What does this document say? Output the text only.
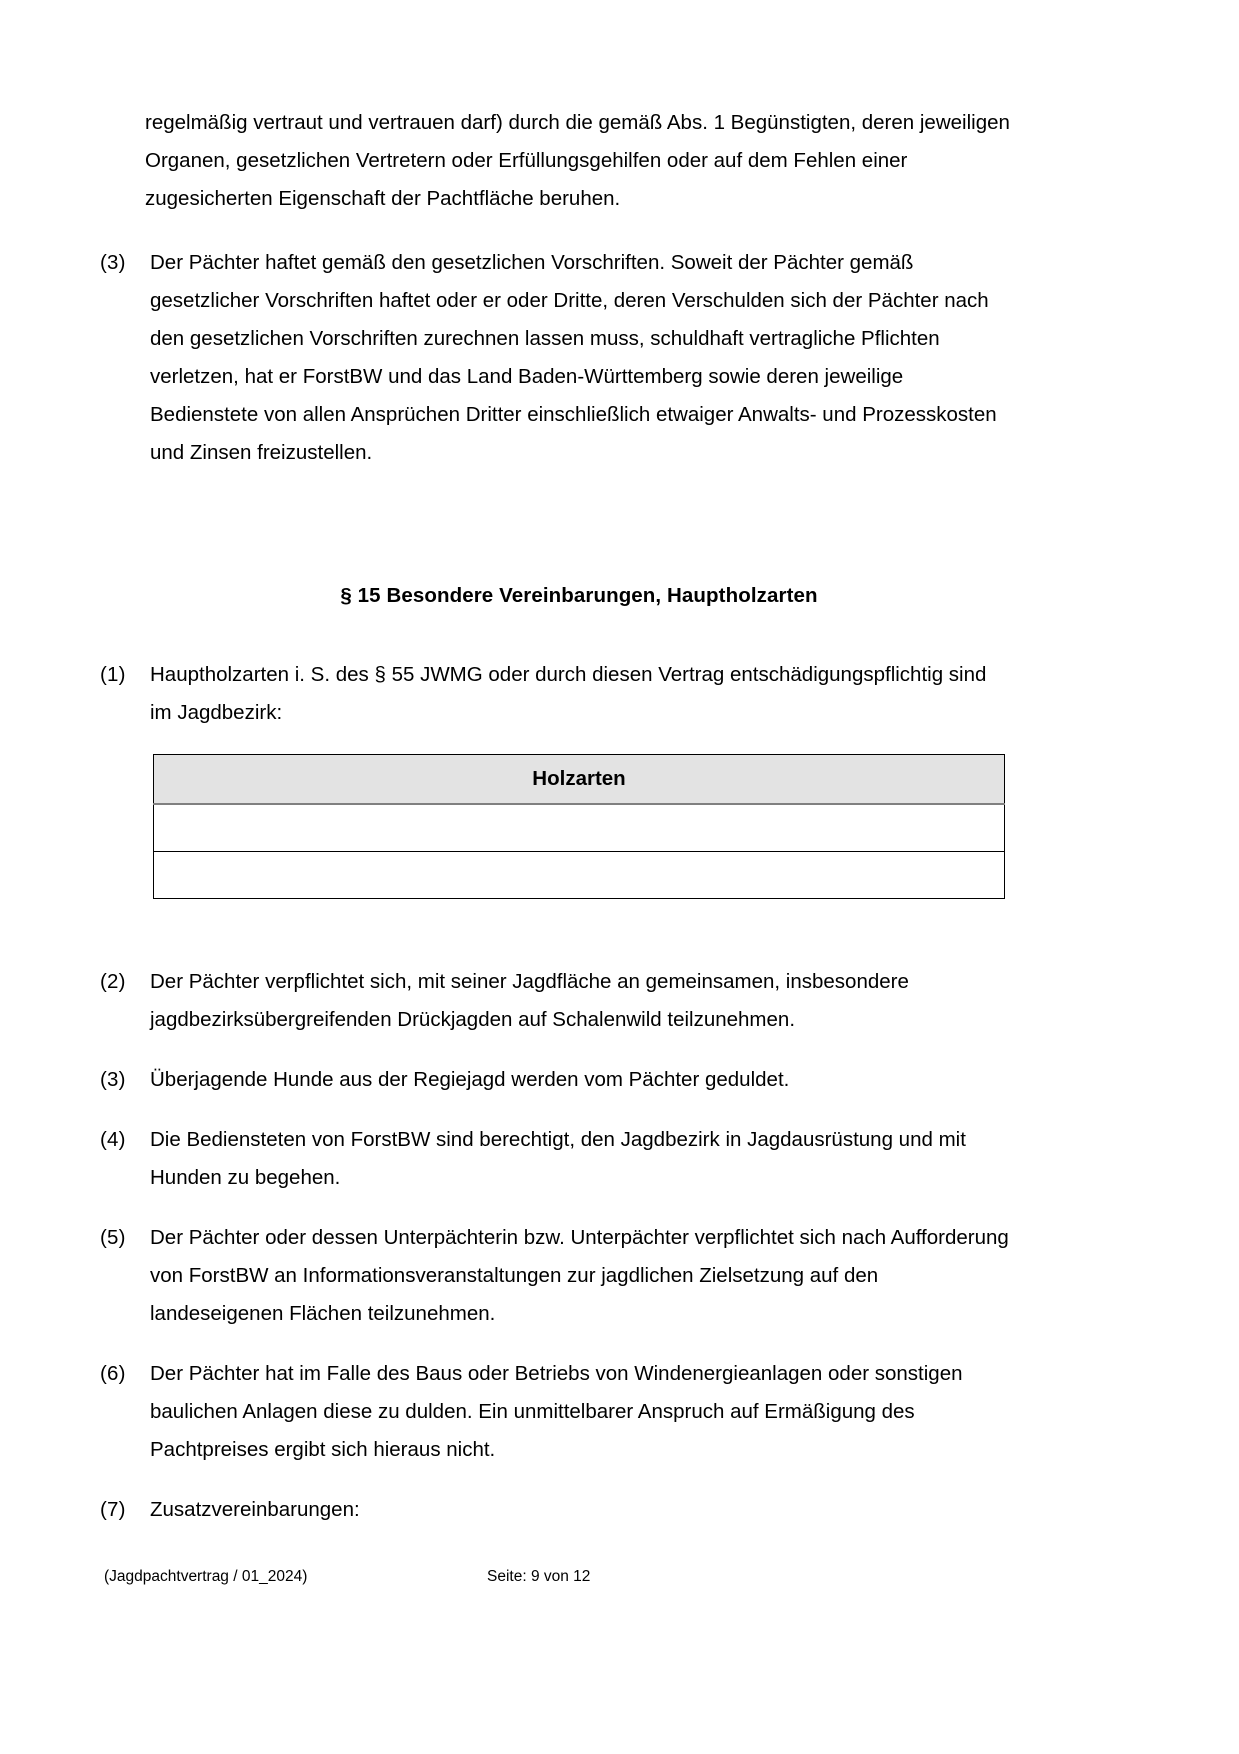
regelmäßig vertraut und vertrauen darf) durch die gemäß Abs. 1 Begünstigten, deren jeweiligen Organen, gesetzlichen Vertretern oder Erfüllungsgehilfen oder auf dem Fehlen einer zugesicherten Eigenschaft der Pachtfläche beruhen.

(3)	Der Pächter haftet gemäß den gesetzlichen Vorschriften. Soweit der Pächter gemäß gesetzlicher Vorschriften haftet oder er oder Dritte, deren Verschulden sich der Pächter nach den gesetzlichen Vorschriften zurechnen lassen muss, schuldhaft vertragliche Pflichten verletzen, hat er ForstBW und das Land Baden-Württemberg sowie deren jeweilige Bedienstete von allen Ansprüchen Dritter einschließlich etwaiger Anwalts- und Prozesskosten und Zinsen freizustellen.
§ 15 Besondere Vereinbarungen, Hauptholzarten
(1)	Hauptholzarten i. S. des § 55 JWMG oder durch diesen Vertrag entschädigungspflichtig sind im Jagdbezirk:
Holzarten

(2)	Der Pächter verpflichtet sich, mit seiner Jagdfläche an gemeinsamen, insbesondere jagdbezirksübergreifenden Drückjagden auf Schalenwild teilzunehmen.
(3)	Überjagende Hunde aus der Regiejagd werden vom Pächter geduldet.
(4)	Die Bediensteten von ForstBW sind berechtigt, den Jagdbezirk in Jagdausrüstung und mit Hunden zu begehen.
(5)	Der Pächter oder dessen Unterpächterin bzw. Unterpächter verpflichtet sich nach Aufforderung von ForstBW an Informationsveranstaltungen zur jagdlichen Zielsetzung auf den landeseigenen Flächen teilzunehmen.
(6)	Der Pächter hat im Falle des Baus oder Betriebs von Windenergieanlagen oder sonstigen baulichen Anlagen diese zu dulden. Ein unmittelbarer Anspruch auf Ermäßigung des Pachtpreises ergibt sich hieraus nicht.
(7)	Zusatzvereinbarungen:
(Jagdpachtvertrag / 01_2024)	Seite: 9 von 12
